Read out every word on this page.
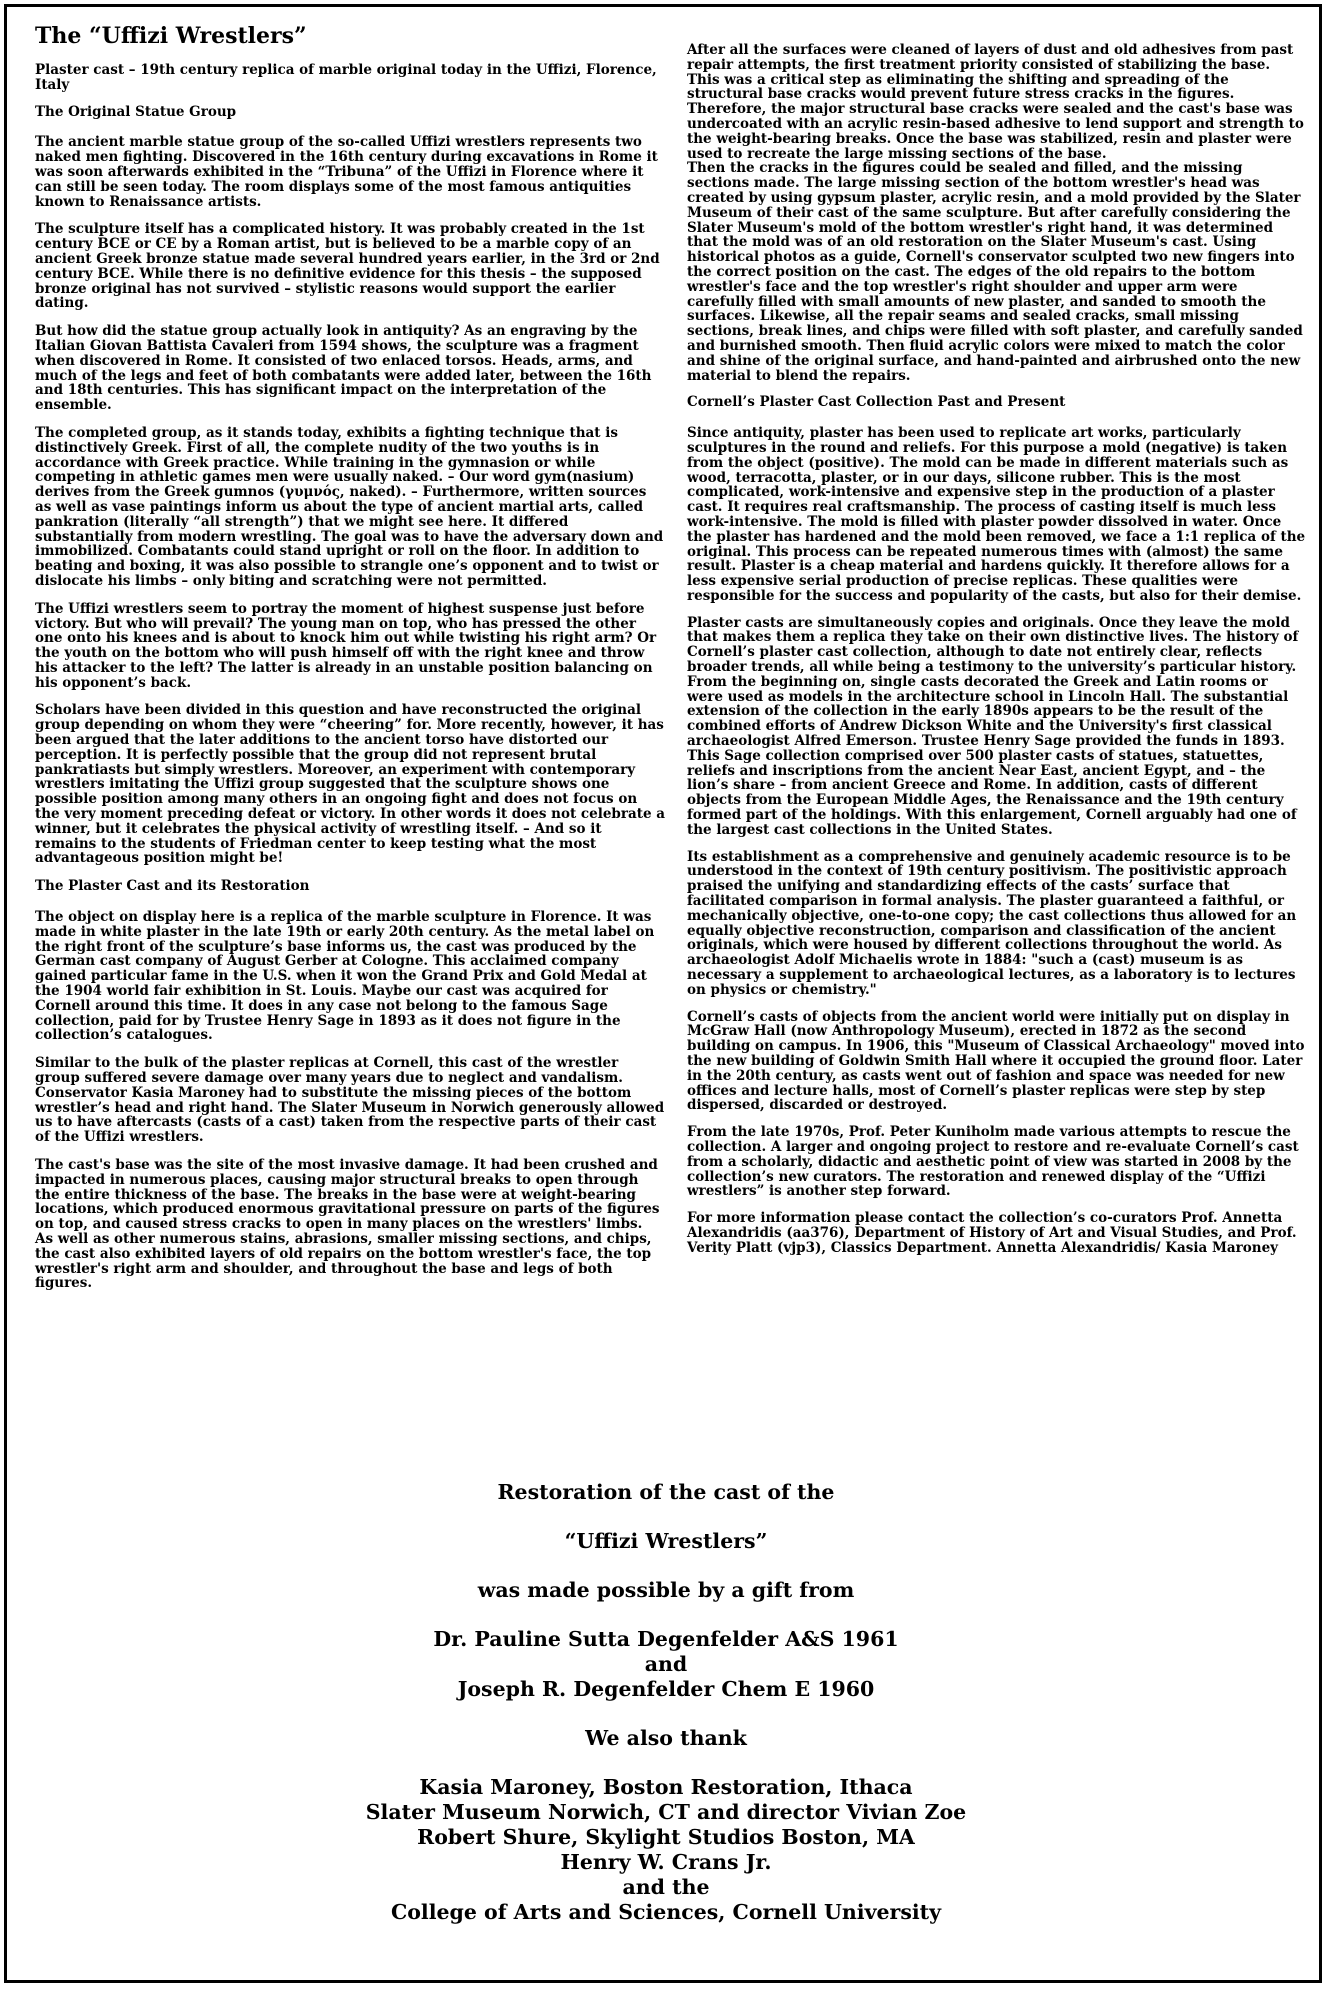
The “Uffizi Wrestlers”

Plaster cast – 19th century replica of marble original today in the Uffizi, Florence, Italy

The Original Statue Group

The ancient marble statue group of the so-called Uffizi wrestlers represents two naked men fighting. Discovered in the 16th century during excavations in Rome it was soon afterwards exhibited in the “Tribuna” of the Uffizi in Florence where it can still be seen today. The room displays some of the most famous antiquities known to Renaissance artists.

The sculpture itself has a complicated history. It was probably created in the 1st century BCE or CE by a Roman artist, but is believed to be a marble copy of an ancient Greek bronze statue made several hundred years earlier, in the 3rd or 2nd century BCE. While there is no definitive evidence for this thesis – the supposed bronze original has not survived – stylistic reasons would support the earlier dating.

But how did the statue group actually look in antiquity? As an engraving by the Italian Giovan Battista Cavaleri from 1594 shows, the sculpture was a fragment when discovered in Rome. It consisted of two enlaced torsos. Heads, arms, and much of the legs and feet of both combatants were added later, between the 16th and 18th centuries. This has significant impact on the interpretation of the ensemble.

The completed group, as it stands today, exhibits a fighting technique that is distinctively Greek. First of all, the complete nudity of the two youths is in accordance with Greek practice. While training in the gymnasion or while competing in athletic games men were usually naked. – Our word gym(nasium) derives from the Greek gumnos (γυμνός, naked). – Furthermore, written sources as well as vase paintings inform us about the type of ancient martial arts, called pankration (literally “all strength”) that we might see here. It differed substantially from modern wrestling. The goal was to have the adversary down and immobilized. Combatants could stand upright or roll on the floor. In addition to beating and boxing, it was also possible to strangle one’s opponent and to twist or dislocate his limbs – only biting and scratching were not permitted.

The Uffizi wrestlers seem to portray the moment of highest suspense just before victory. But who will prevail? The young man on top, who has pressed the other one onto his knees and is about to knock him out while twisting his right arm? Or the youth on the bottom who will push himself off with the right knee and throw his attacker to the left? The latter is already in an unstable position balancing on his opponent’s back.

Scholars have been divided in this question and have reconstructed the original group depending on whom they were “cheering” for. More recently, however, it has been argued that the later additions to the ancient torso have distorted our perception. It is perfectly possible that the group did not represent brutal pankratiasts but simply wrestlers. Moreover, an experiment with contemporary wrestlers imitating the Uffizi group suggested that the sculpture shows one possible position among many others in an ongoing fight and does not focus on the very moment preceding defeat or victory. In other words it does not celebrate a winner, but it celebrates the physical activity of wrestling itself. – And so it remains to the students of Friedman center to keep testing what the most advantageous position might be!

The Plaster Cast and its Restoration

The object on display here is a replica of the marble sculpture in Florence. It was made in white plaster in the late 19th or early 20th century. As the metal label on the right front of the sculpture’s base informs us, the cast was produced by the German cast company of August Gerber at Cologne. This acclaimed company gained particular fame in the U.S. when it won the Grand Prix and Gold Medal at the 1904 world fair exhibition in St. Louis. Maybe our cast was acquired for Cornell around this time. It does in any case not belong to the famous Sage collection, paid for by Trustee Henry Sage in 1893 as it does not figure in the collection’s catalogues.

Similar to the bulk of the plaster replicas at Cornell, this cast of the wrestler group suffered severe damage over many years due to neglect and vandalism. Conservator Kasia Maroney had to substitute the missing pieces of the bottom wrestler’s head and right hand. The Slater Museum in Norwich generously allowed us to have aftercasts (casts of a cast) taken from the respective parts of their cast of the Uffizi wrestlers.

The cast's base was the site of the most invasive damage. It had been crushed and impacted in numerous places, causing major structural breaks to open through the entire thickness of the base. The breaks in the base were at weight-bearing locations, which produced enormous gravitational pressure on parts of the figures on top, and caused stress cracks to open in many places on the wrestlers' limbs. As well as other numerous stains, abrasions, smaller missing sections, and chips, the cast also exhibited layers of old repairs on the bottom wrestler's face, the top wrestler's right arm and shoulder, and throughout the base and legs of both figures.

After all the surfaces were cleaned of layers of dust and old adhesives from past repair attempts, the first treatment priority consisted of stabilizing the base. This was a critical step as eliminating the shifting and spreading of the structural base cracks would prevent future stress cracks in the figures. Therefore, the major structural base cracks were sealed and the cast's base was undercoated with an acrylic resin-based adhesive to lend support and strength to the weight-bearing breaks. Once the base was stabilized, resin and plaster were used to recreate the large missing sections of the base.

Then the cracks in the figures could be sealed and filled, and the missing sections made. The large missing section of the bottom wrestler's head was created by using gypsum plaster, acrylic resin, and a mold provided by the Slater Museum of their cast of the same sculpture. But after carefully considering the Slater Museum's mold of the bottom wrestler's right hand, it was determined that the mold was of an old restoration on the Slater Museum's cast. Using historical photos as a guide, Cornell's conservator sculpted two new fingers into the correct position on the cast. The edges of the old repairs to the bottom wrestler's face and the top wrestler's right shoulder and upper arm were carefully filled with small amounts of new plaster, and sanded to smooth the surfaces. Likewise, all the repair seams and sealed cracks, small missing sections, break lines, and chips were filled with soft plaster, and carefully sanded and burnished smooth. Then fluid acrylic colors were mixed to match the color and shine of the original surface, and hand-painted and airbrushed onto the new material to blend the repairs.

Cornell’s Plaster Cast Collection Past and Present

Since antiquity, plaster has been used to replicate art works, particularly sculptures in the round and reliefs. For this purpose a mold (negative) is taken from the object (positive). The mold can be made in different materials such as wood, terracotta, plaster, or in our days, silicone rubber. This is the most complicated, work-intensive and expensive step in the production of a plaster cast. It requires real craftsmanship. The process of casting itself is much less work-intensive. The mold is filled with plaster powder dissolved in water. Once the plaster has hardened and the mold been removed, we face a 1:1 replica of the original. This process can be repeated numerous times with (almost) the same result. Plaster is a cheap material and hardens quickly. It therefore allows for a less expensive serial production of precise replicas. These qualities were responsible for the success and popularity of the casts, but also for their demise.

Plaster casts are simultaneously copies and originals. Once they leave the mold that makes them a replica they take on their own distinctive lives. The history of Cornell’s plaster cast collection, although to date not entirely clear, reflects broader trends, all while being a testimony to the university’s particular history. From the beginning on, single casts decorated the Greek and Latin rooms or were used as models in the architecture school in Lincoln Hall. The substantial extension of the collection in the early 1890s appears to be the result of the combined efforts of Andrew Dickson White and the University's first classical archaeologist Alfred Emerson. Trustee Henry Sage provided the funds in 1893. This Sage collection comprised over 500 plaster casts of statues, statuettes, reliefs and inscriptions from the ancient Near East, ancient Egypt, and – the lion’s share – from ancient Greece and Rome. In addition, casts of different objects from the European Middle Ages, the Renaissance and the 19th century formed part of the holdings. With this enlargement, Cornell arguably had one of the largest cast collections in the United States.

Its establishment as a comprehensive and genuinely academic resource is to be understood in the context of 19th century positivism. The positivistic approach praised the unifying and standardizing effects of the casts’ surface that facilitated comparison in formal analysis. The plaster guaranteed a faithful, or mechanically objective, one-to-one copy; the cast collections thus allowed for an equally objective reconstruction, comparison and classification of the ancient originals, which were housed by different collections throughout the world. As archaeologist Adolf Michaelis wrote in 1884: "such a (cast) museum is as necessary a supplement to archaeological lectures, as a laboratory is to lectures on physics or chemistry."

Cornell’s casts of objects from the ancient world were initially put on display in McGraw Hall (now Anthropology Museum), erected in 1872 as the second building on campus. In 1906, this "Museum of Classical Archaeology" moved into the new building of Goldwin Smith Hall where it occupied the ground floor. Later in the 20th century, as casts went out of fashion and space was needed for new offices and lecture halls, most of Cornell’s plaster replicas were step by step dispersed, discarded or destroyed.

From the late 1970s, Prof. Peter Kuniholm made various attempts to rescue the collection. A larger and ongoing project to restore and re-evaluate Cornell’s cast from a scholarly, didactic and aesthetic point of view was started in 2008 by the collection’s new curators. The restoration and renewed display of the “Uffizi wrestlers” is another step forward.

For more information please contact the collection’s co-curators Prof. Annetta Alexandridis (aa376), Department of History of Art and Visual Studies, and Prof. Verity Platt (vjp3), Classics Department. Annetta Alexandridis/ Kasia Maroney

Restoration of the cast of the

“Uffizi Wrestlers”

was made possible by a gift from

Dr. Pauline Sutta Degenfelder A&S 1961

and

Joseph R. Degenfelder Chem E 1960

We also thank

Kasia Maroney, Boston Restoration, Ithaca

Slater Museum Norwich, CT and director Vivian Zoe

Robert Shure, Skylight Studios Boston, MA

Henry W. Crans Jr.

and the

College of Arts and Sciences, Cornell University
